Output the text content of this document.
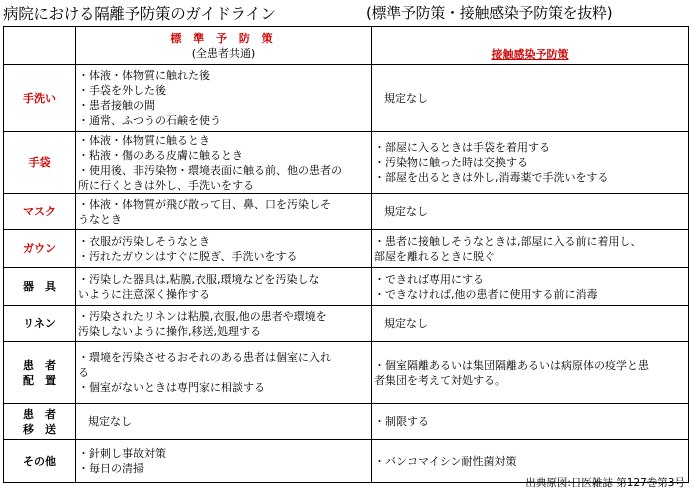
病院における隔離予防策のガイドライン	(標準予防策・接触感染予防策を抜粋)

	標 準 予 防 策
(全患者共通)	接触感染予防策

手洗い	・体液・体物質に触れた後
・手袋を外した後
・患者接触の間
・通常、ふつうの石鹸を使う	規定なし

手袋	・体液・体物質に触るとき
・粘液・傷のある皮膚に触るとき
・使用後、非汚染物・環境表面に触る前、他の患者の
所に行くときは外し、手洗いをする	・部屋に入るときは手袋を着用する
・汚染物に触った時は交換する
・部屋を出るときは外し,消毒薬で手洗いをする

マスク	・体液・体物質が飛び散って目、鼻、口を汚染しそ
うなとき	規定なし

ガウン	・衣服が汚染しそうなとき
・汚れたガウンはすぐに脱ぎ、手洗いをする	・患者に接触しそうなときは,部屋に入る前に着用し、
部屋を離れるときに脱ぐ

器　具	・汚染した器具は,粘膜,衣服,環境などを汚染しな
いように注意深く操作する	・できれば専用にする
・できなければ,他の患者に使用する前に消毒

リネン	・汚染されたリネンは粘膜,衣服,他の患者や環境を
汚染しないように操作,移送,処理する	規定なし

患　者
配　置	・環境を汚染させるおそれのある患者は個室に入れ
る
・個室がないときは専門家に相談する	・個室隔離あるいは集団隔離あるいは病原体の疫学と患
者集団を考えて対処する。

患　者
移　送	規定なし	・制限する

その他	・針刺し事故対策
・毎日の清掃	・バンコマイシン耐性菌対策
出典原図:日医雑誌 第127巻第3号
